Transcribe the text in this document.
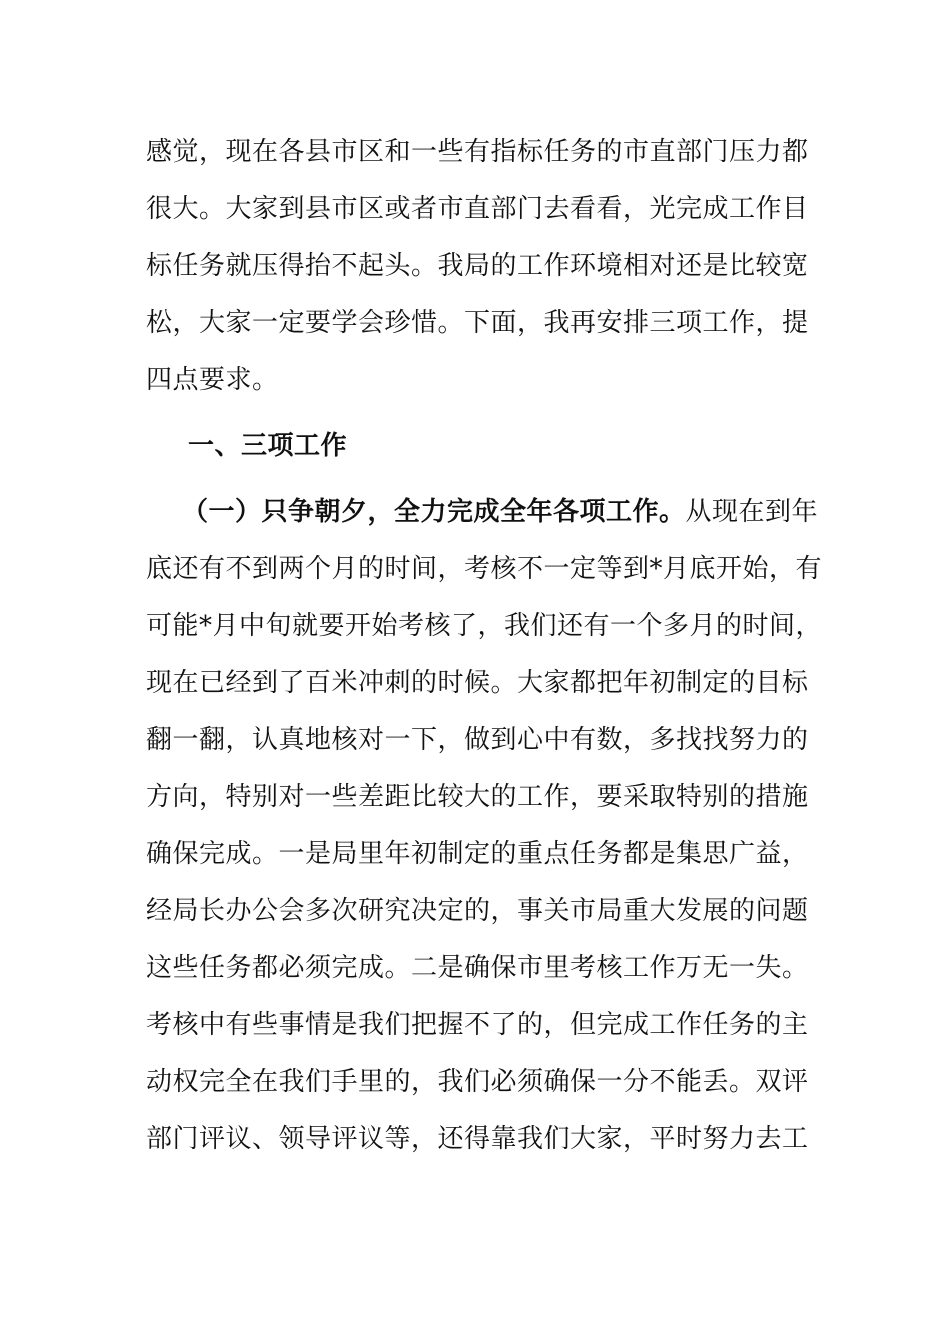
感觉，现在各县市区和一些有指标任务的市直部门压力都
很大。大家到县市区或者市直部门去看看，光完成工作目
标任务就压得抬不起头。我局的工作环境相对还是比较宽
松，大家一定要学会珍惜。下面，我再安排三项工作，提
四点要求。
一、三项工作
（一）只争朝夕，全力完成全年各项工作。 从现在到年
底还有不到两个月的时间，考核不一定等到*月底开始，有
可能*月中旬就要开始考核了，我们还有一个多月的时间，
现在已经到了百米冲刺的时候。大家都把年初制定的目标
翻一翻，认真地核对一下，做到心中有数，多找找努力的
方向，特别对一些差距比较大的工作，要采取特别的措施
确保完成。一是局里年初制定的重点任务都是集思广益，
经局长办公会多次研究决定的，事关市局重大发展的问题
这些任务都必须完成。二是确保市里考核工作万无一失。
考核中有些事情是我们把握不了的，但完成工作任务的主
动权完全在我们手里的，我们必须确保一分不能丢。双评
部门评议、领导评议等，还得靠我们大家，平时努力去工
